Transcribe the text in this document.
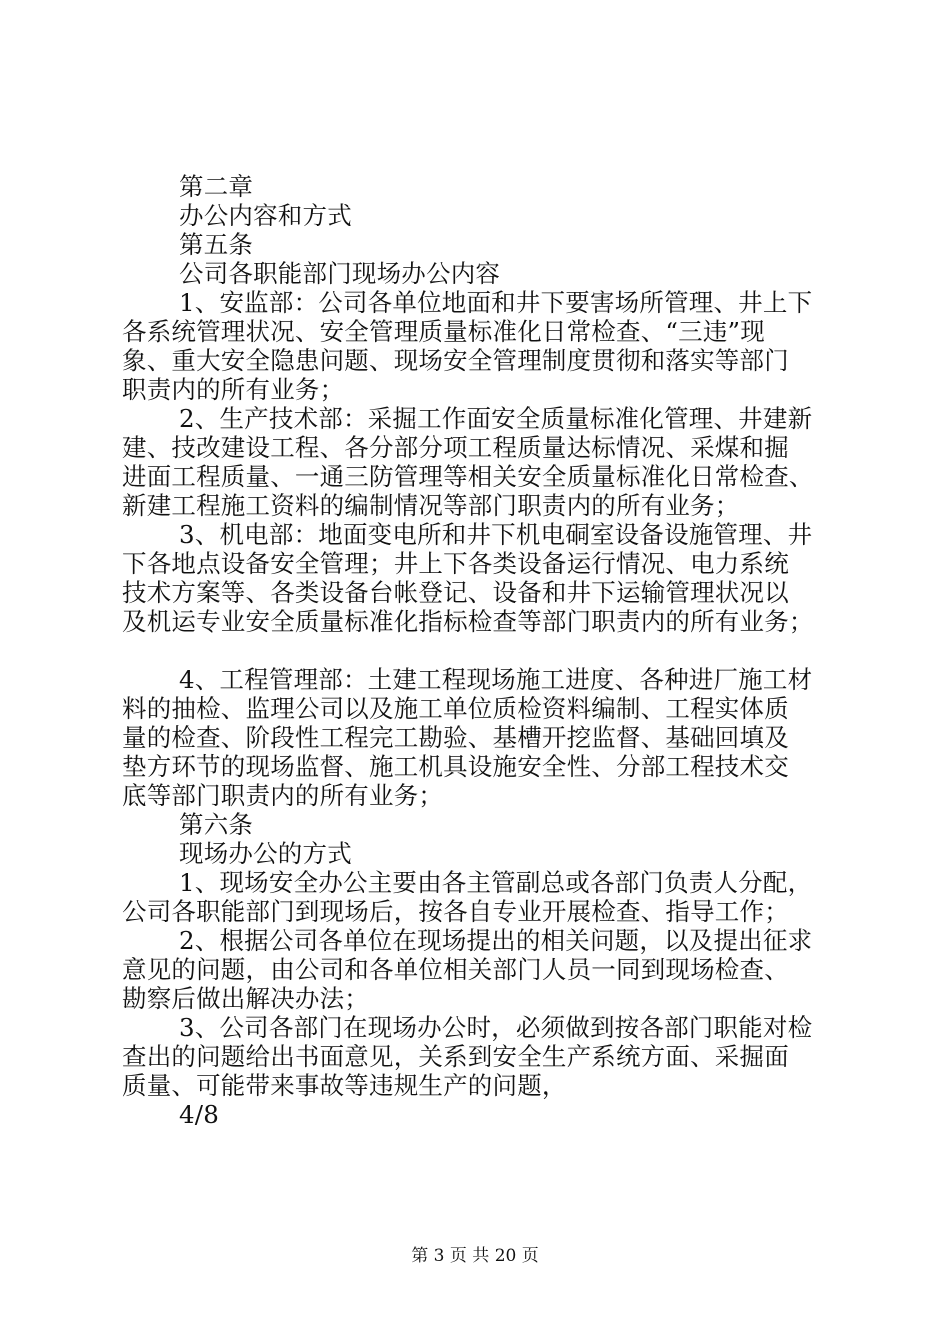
第二章

办公内容和方式

第五条

公司各职能部门现场办公内容

1、安监部：公司各单位地面和井下要害场所管理、井上下

各系统管理状况、安全管理质量标准化日常检查、“三违”现

象、重大安全隐患问题、现场安全管理制度贯彻和落实等部门

职责内的所有业务；

2、生产技术部：采掘工作面安全质量标准化管理、井建新

建、技改建设工程、各分部分项工程质量达标情况、采煤和掘

进面工程质量、一通三防管理等相关安全质量标准化日常检查、

新建工程施工资料的编制情况等部门职责内的所有业务；

3、机电部：地面变电所和井下机电硐室设备设施管理、井

下各地点设备安全管理；井上下各类设备运行情况、电力系统

技术方案等、各类设备台帐登记、设备和井下运输管理状况以

及机运专业安全质量标准化指标检查等部门职责内的所有业务；

4、工程管理部：土建工程现场施工进度、各种进厂施工材

料的抽检、监理公司以及施工单位质检资料编制、工程实体质

量的检查、阶段性工程完工勘验、基槽开挖监督、基础回填及

垫方环节的现场监督、施工机具设施安全性、分部工程技术交

底等部门职责内的所有业务；

第六条

现场办公的方式

1、现场安全办公主要由各主管副总或各部门负责人分配，

公司各职能部门到现场后，按各自专业开展检查、指导工作；

2、根据公司各单位在现场提出的相关问题，以及提出征求

意见的问题，由公司和各单位相关部门人员一同到现场检查、

勘察后做出解决办法；

3、公司各部门在现场办公时，必须做到按各部门职能对检

查出的问题给出书面意见，关系到安全生产系统方面、采掘面

质量、可能带来事故等违规生产的问题，

4/8

第 3 页 共 20 页
